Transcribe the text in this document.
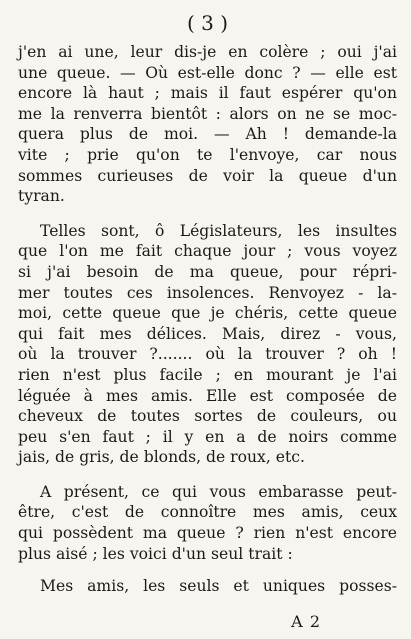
( 3 )
j'en ai une, leur dis-je en colère ; oui j'ai
une queue. — Où est-elle donc ? — elle est
encore là haut ; mais il faut espérer qu'on
me la renverra bientôt : alors on ne se moc-
quera plus de moi. — Ah ! demande-la
vite ; prie qu'on te l'envoye, car nous
sommes curieuses de voir la queue d'un
tyran.
Telles sont, ô Législateurs, les insultes
que l'on me fait chaque jour ; vous voyez
si j'ai besoin de ma queue, pour répri-
mer toutes ces insolences. Renvoyez - la-
moi, cette queue que je chéris, cette queue
qui fait mes délices. Mais, direz - vous,
où la trouver ?....... où la trouver ? oh !
rien n'est plus facile ; en mourant je l'ai
léguée à mes amis. Elle est composée de
cheveux de toutes sortes de couleurs, ou
peu s'en faut ; il y en a de noirs comme
jais, de gris, de blonds, de roux, etc.
A présent, ce qui vous embarasse peut-
être, c'est de connoître mes amis, ceux
qui possèdent ma queue ? rien n'est encore
plus aisé ; les voici d'un seul trait :
Mes amis, les seuls et uniques posses-
A 2
